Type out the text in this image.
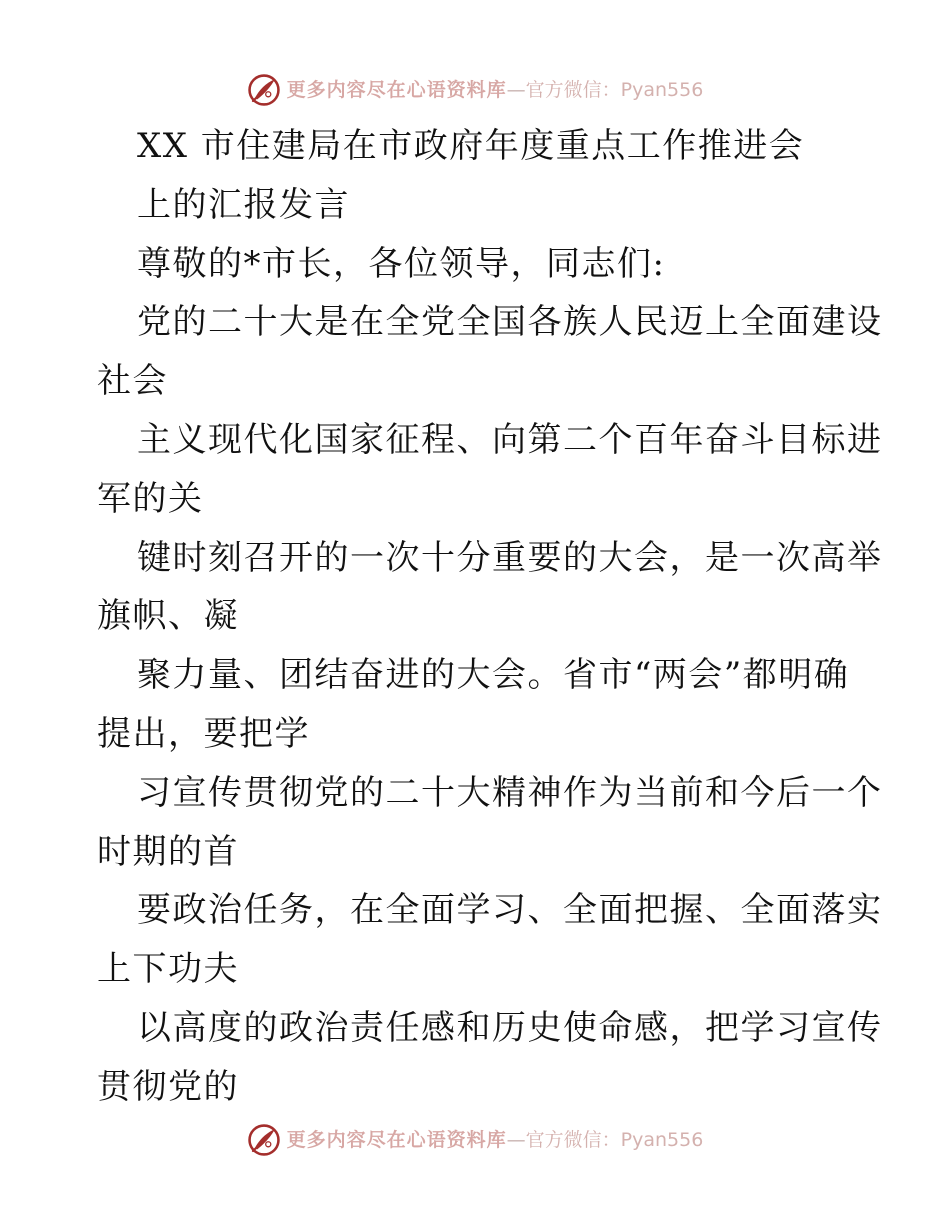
更多内容尽在心语资料库 — 官方微信：Pyan556
XX 市住建局在市政府年度重点工作推进会
上的汇报发言
尊敬的*市长，各位领导，同志们:
党的二十大是在全党全国各族人民迈上全面建设
社会
主义现代化国家征程、向第二个百年奋斗目标进
军的关
键时刻召开的一次十分重要的大会，是一次高举
旗帜、凝
聚力量、团结奋进的大会。省市“两会”都明确
提出，要把学
习宣传贯彻党的二十大精神作为当前和今后一个
时期的首
要政治任务，在全面学习、全面把握、全面落实
上下功夫
以高度的政治责任感和历史使命感，把学习宣传
贯彻党的
更多内容尽在心语资料库 — 官方微信：Pyan556
